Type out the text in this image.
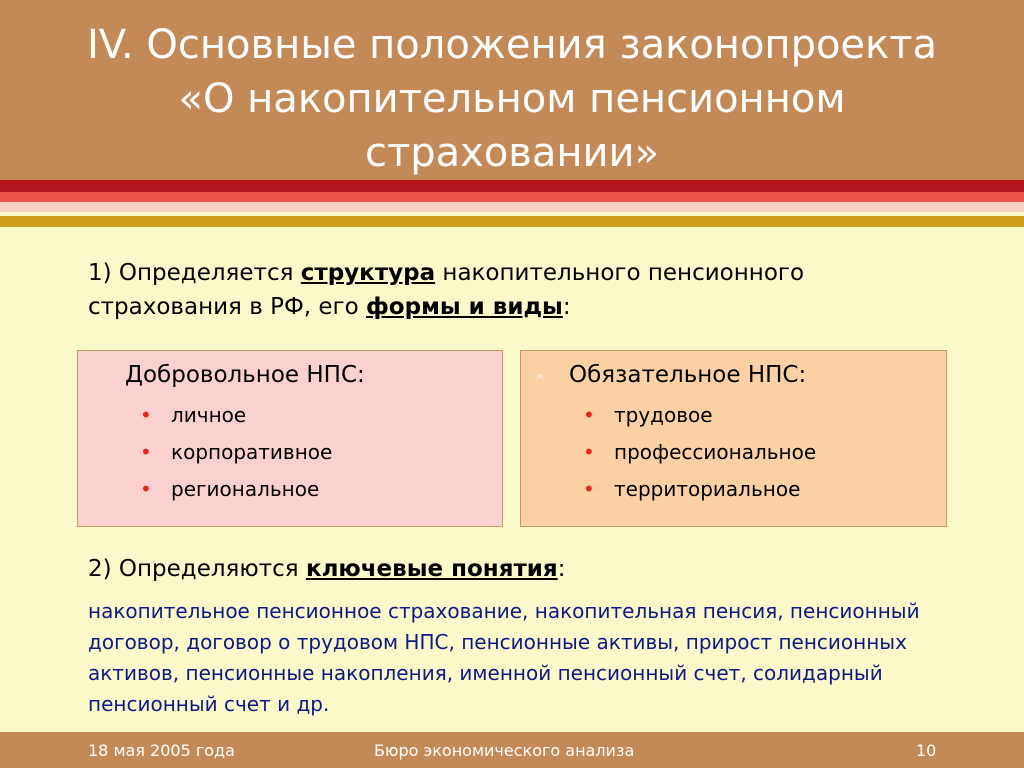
IV. Основные положения законопроекта
«О накопительном пенсионном
страховании»
1) Определяется структура накопительного пенсионного страхования в РФ, его формы и виды:
Добровольное НПС:
• личное
• корпоративное
• региональное
• Обязательное НПС:
• трудовое
• профессиональное
• территориальное
2) Определяются ключевые понятия:
накопительное пенсионное страхование, накопительная пенсия, пенсионный договор, договор о трудовом НПС, пенсионные активы, прирост пенсионных активов, пенсионные накопления, именной пенсионный счет, солидарный пенсионный счет и др.
18 мая 2005 года	Бюро экономического анализа	10
